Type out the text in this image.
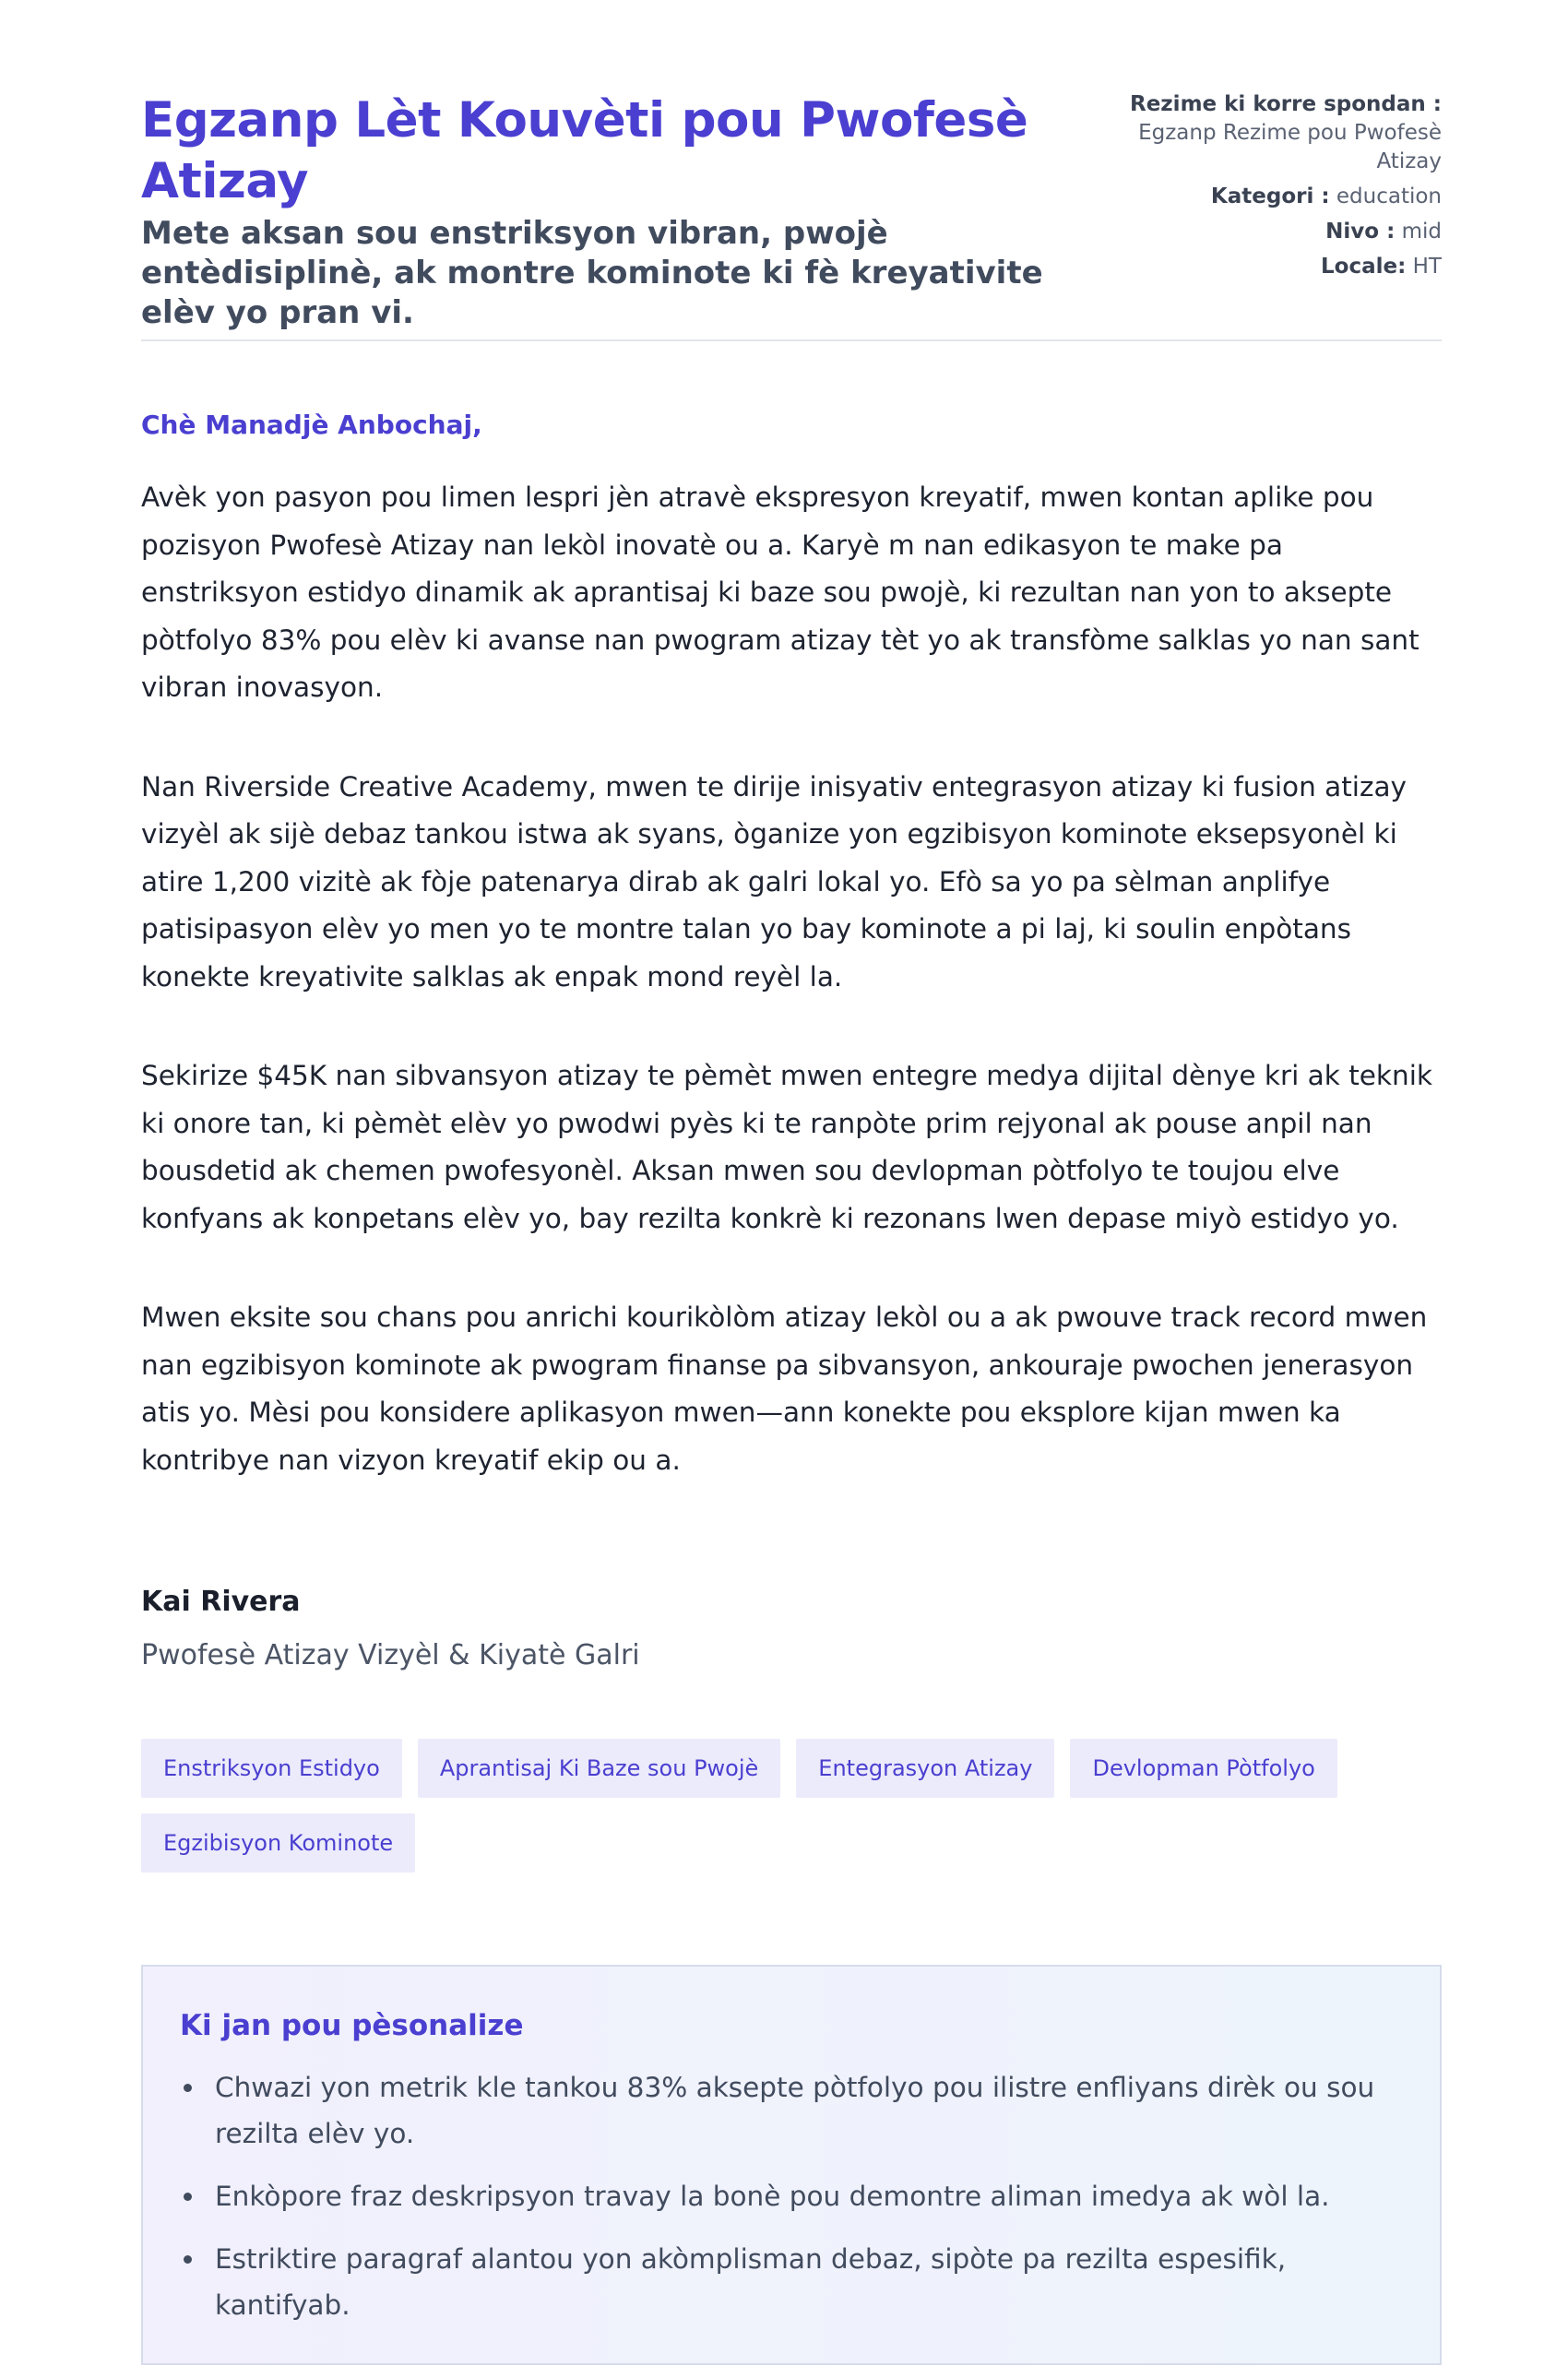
Egzanp Lèt Kouvèti pou Pwofesè Atizay

Mete aksan sou enstriksyon vibran, pwojè entèdisiplinè, ak montre kominote ki fè kreyativite elèv yo pran vi.

Rezime ki korre spondan :
Egzanp Rezime pou Pwofesè Atizay
Kategori : education
Nivo : mid
Locale: HT
Chè Manadjè Anbochaj,

Avèk yon pasyon pou limen lespri jèn atravè ekspresyon kreyatif, mwen kontan aplike pou pozisyon Pwofesè Atizay nan lekòl inovatè ou a. Karyè m nan edikasyon te make pa enstriksyon estidyo dinamik ak aprantisaj ki baze sou pwojè, ki rezultan nan yon to aksepte pòtfolyo 83% pou elèv ki avanse nan pwogram atizay tèt yo ak transfòme salklas yo nan sant vibran inovasyon.

Nan Riverside Creative Academy, mwen te dirije inisyativ entegrasyon atizay ki fusion atizay vizyèl ak sijè debaz tankou istwa ak syans, òganize yon egzibisyon kominote eksepsyonèl ki atire 1,200 vizitè ak fòje patenarya dirab ak galri lokal yo. Efò sa yo pa sèlman anplifye patisipasyon elèv yo men yo te montre talan yo bay kominote a pi laj, ki soulin enpòtans konekte kreyativite salklas ak enpak mond reyèl la.

Sekirize $45K nan sibvansyon atizay te pèmèt mwen entegre medya dijital dènye kri ak teknik ki onore tan, ki pèmèt elèv yo pwodwi pyès ki te ranpòte prim rejyonal ak pouse anpil nan bousdetid ak chemen pwofesyonèl. Aksan mwen sou devlopman pòtfolyo te toujou elve konfyans ak konpetans elèv yo, bay rezilta konkrè ki rezonans lwen depase miyò estidyo yo.

Mwen eksite sou chans pou anrichi kourikòlòm atizay lekòl ou a ak pwouve track record mwen nan egzibisyon kominote ak pwogram finanse pa sibvansyon, ankouraje pwochen jenerasyon atis yo. Mèsi pou konsidere aplikasyon mwen—ann konekte pou eksplore kijan mwen ka kontribye nan vizyon kreyatif ekip ou a.

Kai Rivera
Pwofesè Atizay Vizyèl & Kiyatè Galri
Enstriksyon Estidyo	Aprantisaj Ki Baze sou Pwojè	Entegrasyon Atizay	Devlopman Pòtfolyo
Egzibisyon Kominote
Ki jan pou pèsonalize
Chwazi yon metrik kle tankou 83% aksepte pòtfolyo pou ilistre enfliyans dirèk ou sou rezilta elèv yo.
Enkòpore fraz deskripsyon travay la bonè pou demontre aliman imedya ak wòl la.
Estriktire paragraf alantou yon akòmplisman debaz, sipòte pa rezilta espesifik, kantifyab.
